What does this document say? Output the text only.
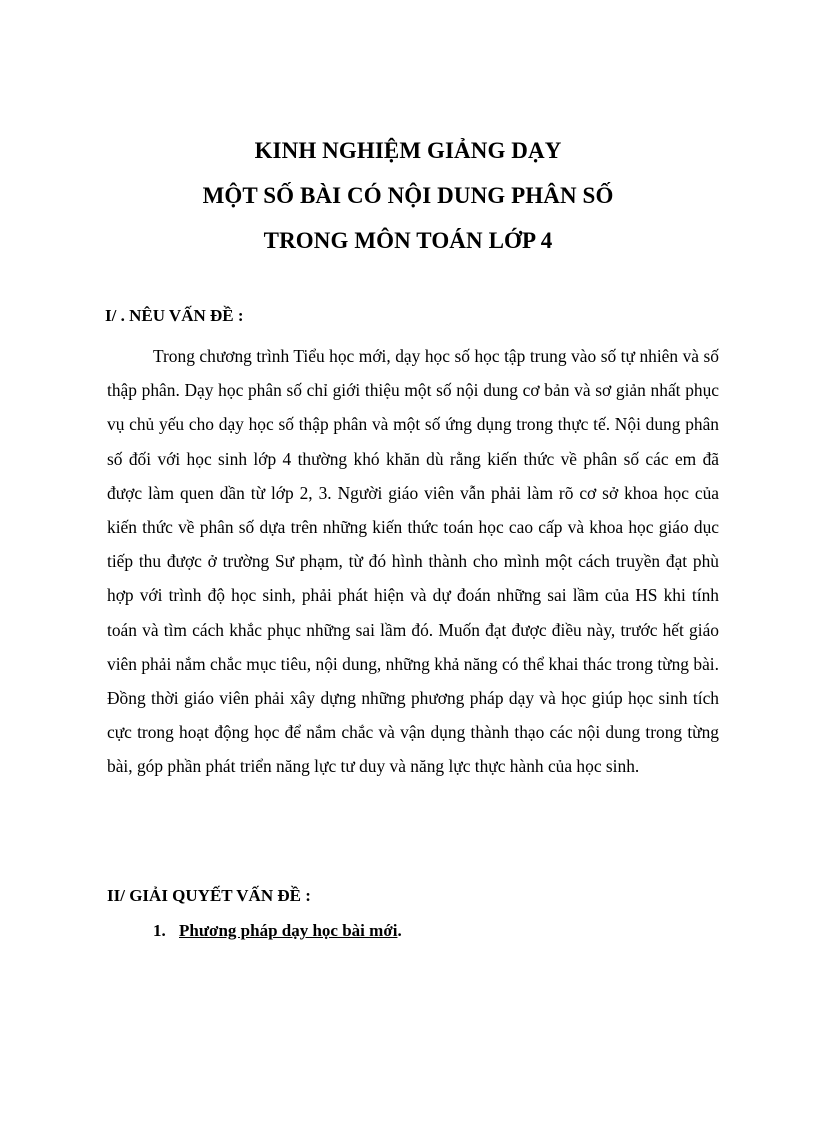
KINH NGHIỆM GIẢNG DẠY
MỘT SỐ BÀI CÓ NỘI DUNG PHÂN SỐ
TRONG MÔN TOÁN LỚP 4
I/ . NÊU VẤN ĐỀ :

Trong chương trình Tiểu học mới, dạy học số học tập trung vào số tự nhiên và số thập phân. Dạy học phân số chỉ giới thiệu một số nội dung cơ bản và sơ giản nhất phục vụ chủ yếu cho dạy học số thập phân và một số ứng dụng trong thực tế. Nội dung phân số đối với học sinh lớp 4 thường khó khăn dù rằng kiến thức về phân số các em đã được làm quen dần từ lớp 2, 3. Người giáo viên vẫn phải làm rõ cơ sở khoa học của kiến thức về phân số dựa trên những kiến thức toán học cao cấp và khoa học giáo dục tiếp thu được ở trường Sư phạm, từ đó hình thành cho mình một cách truyền đạt phù hợp với trình độ học sinh, phải phát hiện và dự đoán những sai lầm của HS khi tính toán và tìm cách khắc phục những sai lầm đó. Muốn đạt được điều này, trước hết giáo viên phải nắm chắc mục tiêu, nội dung, những khả năng có thể khai thác trong từng bài. Đồng thời giáo viên phải xây dựng những phương pháp dạy và học giúp học sinh tích cực trong hoạt động học để nắm chắc và vận dụng thành thạo các nội dung trong từng bài, góp phần phát triển năng lực tư duy và năng lực thực hành của học sinh.

II/ GIẢI QUYẾT VẤN ĐỀ :
1. Phương pháp dạy học bài mới.
